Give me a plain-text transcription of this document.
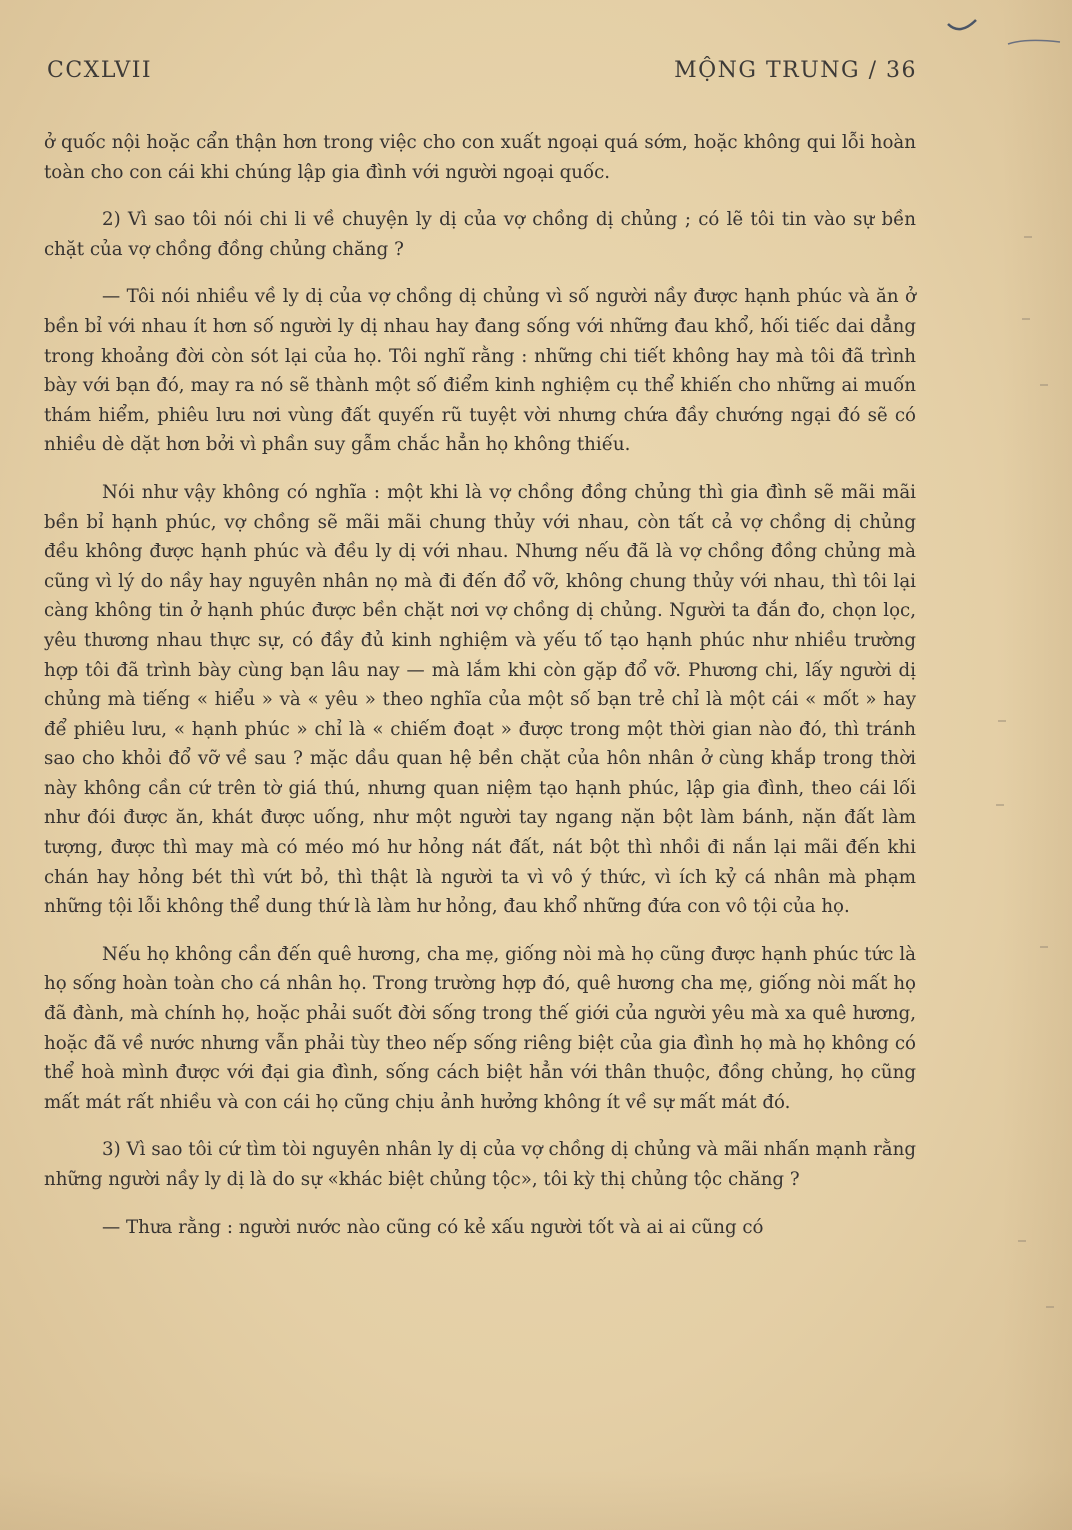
CCXLVII	MỘNG TRUNG / 36

ở quốc nội hoặc cẩn thận hơn trong việc cho con xuất ngoại quá sớm, hoặc không qui lỗi hoàn toàn cho con cái khi chúng lập gia đình với người ngoại quốc.

2) Vì sao tôi nói chi li về chuyện ly dị của vợ chồng dị chủng ; có lẽ tôi tin vào sự bền chặt của vợ chồng đồng chủng chăng ?

— Tôi nói nhiều về ly dị của vợ chồng dị chủng vì số người nầy được hạnh phúc và ăn ở bền bỉ với nhau ít hơn số người ly dị nhau hay đang sống với những đau khổ, hối tiếc dai dẳng trong khoảng đời còn sót lại của họ. Tôi nghĩ rằng : những chi tiết không hay mà tôi đã trình bày với bạn đó, may ra nó sẽ thành một số điểm kinh nghiệm cụ thể khiến cho những ai muốn thám hiểm, phiêu lưu nơi vùng đất quyến rũ tuyệt vời nhưng chứa đầy chướng ngại đó sẽ có nhiều dè dặt hơn bởi vì phần suy gẫm chắc hẳn họ không thiếu.

Nói như vậy không có nghĩa : một khi là vợ chồng đồng chủng thì gia đình sẽ mãi mãi bền bỉ hạnh phúc, vợ chồng sẽ mãi mãi chung thủy với nhau, còn tất cả vợ chồng dị chủng đều không được hạnh phúc và đều ly dị với nhau. Nhưng nếu đã là vợ chồng đồng chủng mà cũng vì lý do nầy hay nguyên nhân nọ mà đi đến đổ vỡ, không chung thủy với nhau, thì tôi lại càng không tin ở hạnh phúc được bền chặt nơi vợ chồng dị chủng. Người ta đắn đo, chọn lọc, yêu thương nhau thực sự, có đầy đủ kinh nghiệm và yếu tố tạo hạnh phúc như nhiều trường hợp tôi đã trình bày cùng bạn lâu nay — mà lắm khi còn gặp đổ vỡ. Phương chi, lấy người dị chủng mà tiếng « hiểu » và « yêu » theo nghĩa của một số bạn trẻ chỉ là một cái « mốt » hay để phiêu lưu, « hạnh phúc » chỉ là « chiếm đoạt » được trong một thời gian nào đó, thì tránh sao cho khỏi đổ vỡ về sau ? mặc dầu quan hệ bền chặt của hôn nhân ở cùng khắp trong thời này không cần cứ trên tờ giá thú, nhưng quan niệm tạo hạnh phúc, lập gia đình, theo cái lối như đói được ăn, khát được uống, như một người tay ngang nặn bột làm bánh, nặn đất làm tượng, được thì may mà có méo mó hư hỏng nát đất, nát bột thì nhồi đi nắn lại mãi đến khi chán hay hỏng bét thì vứt bỏ, thì thật là người ta vì vô ý thức, vì ích kỷ cá nhân mà phạm những tội lỗi không thể dung thứ là làm hư hỏng, đau khổ những đứa con vô tội của họ.

Nếu họ không cần đến quê hương, cha mẹ, giống nòi mà họ cũng được hạnh phúc tức là họ sống hoàn toàn cho cá nhân họ. Trong trường hợp đó, quê hương cha mẹ, giống nòi mất họ đã đành, mà chính họ, hoặc phải suốt đời sống trong thế giới của người yêu mà xa quê hương, hoặc đã về nước nhưng vẫn phải tùy theo nếp sống riêng biệt của gia đình họ mà họ không có thể hoà mình được với đại gia đình, sống cách biệt hẳn với thân thuộc, đồng chủng, họ cũng mất mát rất nhiều và con cái họ cũng chịu ảnh hưởng không ít về sự mất mát đó.

3) Vì sao tôi cứ tìm tòi nguyên nhân ly dị của vợ chồng dị chủng và mãi nhấn mạnh rằng những người nầy ly dị là do sự «khác biệt chủng tộc», tôi kỳ thị chủng tộc chăng ?

— Thưa rằng : người nước nào cũng có kẻ xấu người tốt và ai ai cũng có
